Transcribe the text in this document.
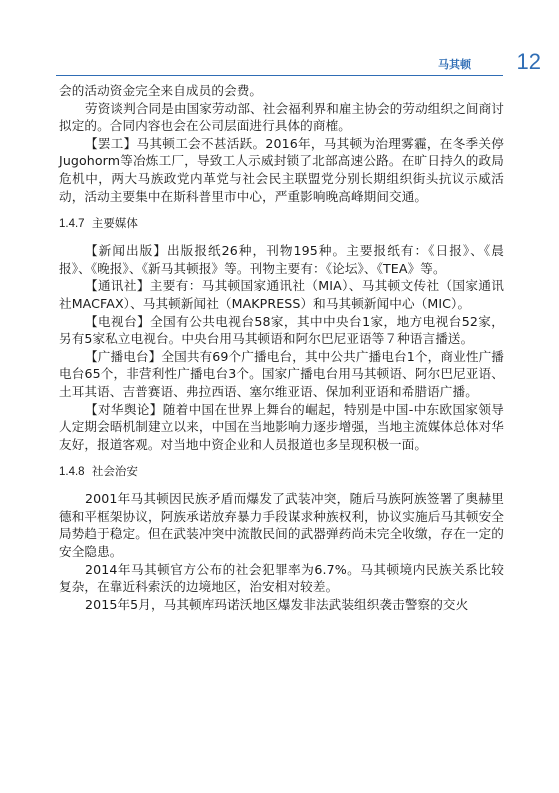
马其顿 12

会的活动资金完全来自成员的会费。

劳资谈判合同是由国家劳动部、社会福利界和雇主协会的劳动组织之间商讨拟定的。合同内容也会在公司层面进行具体的商榷。

【罢工】马其顿工会不甚活跃。2016年，马其顿为治理雾霾，在冬季关停Jugohorm等冶炼工厂，导致工人示威封锁了北部高速公路。在旷日持久的政局危机中，两大马族政党内革党与社会民主联盟党分别长期组织街头抗议示威活动，活动主要集中在斯科普里市中心，严重影响晚高峰期间交通。

1.4.7 主要媒体

【新闻出版】出版报纸26种，刊物195种。主要报纸有：《日报》、《晨报》、《晚报》、《新马其顿报》等。刊物主要有：《论坛》、《TEA》等。

【通讯社】主要有：马其顿国家通讯社（MIA）、马其顿文传社（国家通讯社MACFAX）、马其顿新闻社（MAKPRESS）和马其顿新闻中心（MIC）。

【电视台】全国有公共电视台58家，其中中央台1家，地方电视台52家，另有5家私立电视台。中央台用马其顿语和阿尔巴尼亚语等７种语言播送。

【广播电台】全国共有69个广播电台，其中公共广播电台1个，商业性广播电台65个，非营利性广播电台3个。国家广播电台用马其顿语、阿尔巴尼亚语、土耳其语、吉普赛语、弗拉西语、塞尔维亚语、保加利亚语和希腊语广播。

【对华舆论】随着中国在世界上舞台的崛起，特别是中国-中东欧国家领导人定期会晤机制建立以来，中国在当地影响力逐步增强，当地主流媒体总体对华友好，报道客观。对当地中资企业和人员报道也多呈现积极一面。

1.4.8 社会治安

2001年马其顿因民族矛盾而爆发了武装冲突，随后马族阿族签署了奥赫里德和平框架协议，阿族承诺放弃暴力手段谋求种族权利，协议实施后马其顿安全局势趋于稳定。但在武装冲突中流散民间的武器弹药尚未完全收缴，存在一定的安全隐患。

2014年马其顿官方公布的社会犯罪率为6.7%。马其顿境内民族关系比较复杂，在靠近科索沃的边境地区，治安相对较差。

2015年5月，马其顿库玛诺沃地区爆发非法武装组织袭击警察的交火
